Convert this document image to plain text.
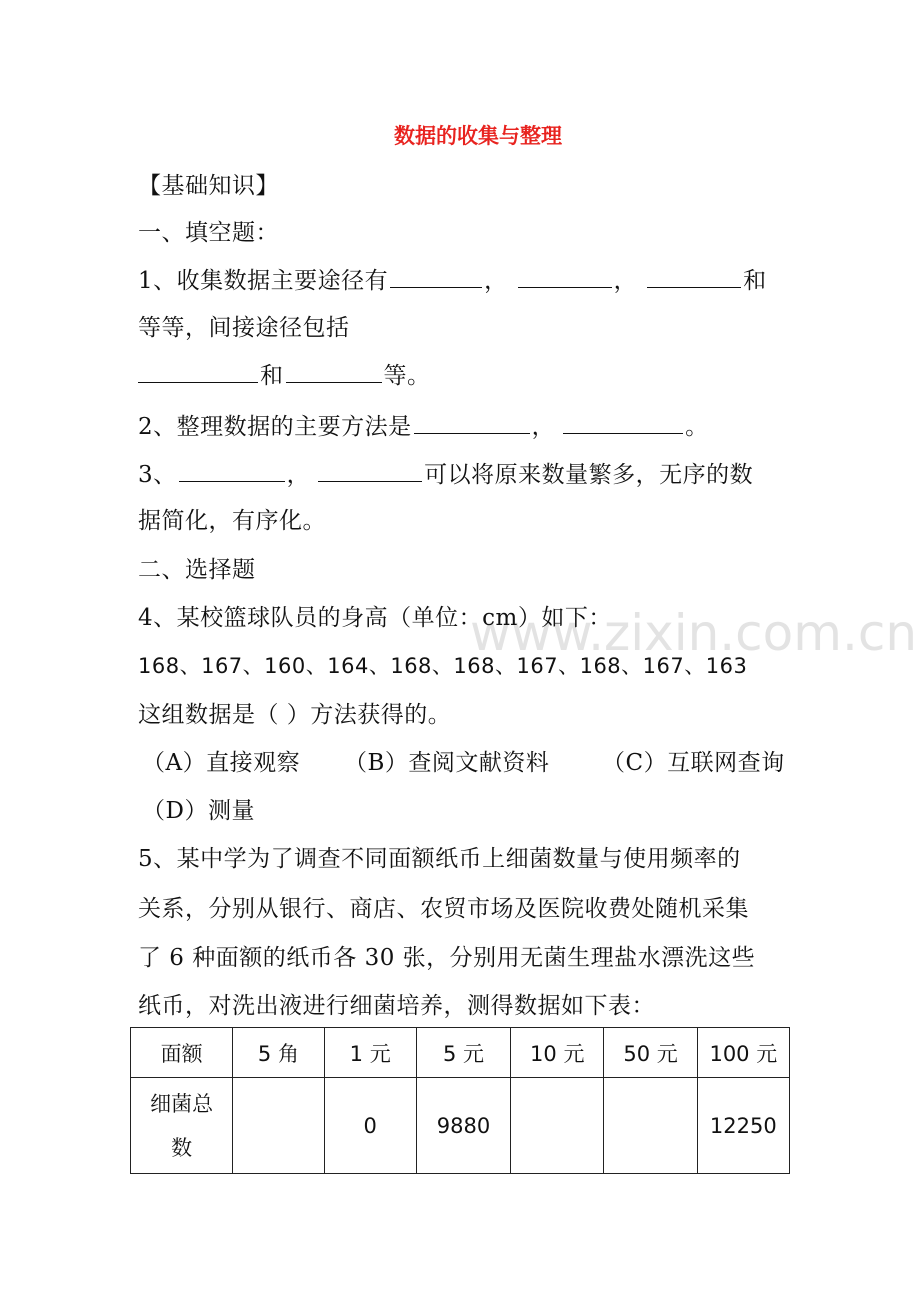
www.zixin.com.cn
数据的收集与整理
【基础知识】
一、填空题：
1、收集数据主要途径有	，	，	和
等等，间接途径包括
和	等。
2、整理数据的主要方法是	，	。
3、	，	可以将原来数量繁多，无序的数
据简化，有序化。
二、选择题
4、某校篮球队员的身高（单位：cm）如下：
168、167、160、164、168、168、167、168、167、163
这组数据是（ ）方法获得的。
（A）直接观察 （B）查阅文献资料 （C）互联网查询
（D）测量
5、某中学为了调查不同面额纸币上细菌数量与使用频率的
关系，分别从银行、商店、农贸市场及医院收费处随机采集
了 6 种面额的纸币各 30 张，分别用无菌生理盐水漂洗这些
纸币，对洗出液进行细菌培养，测得数据如下表：
面额	5 角	1 元	5 元	10 元	50 元	100 元
细菌总
数		0	9880			12250
